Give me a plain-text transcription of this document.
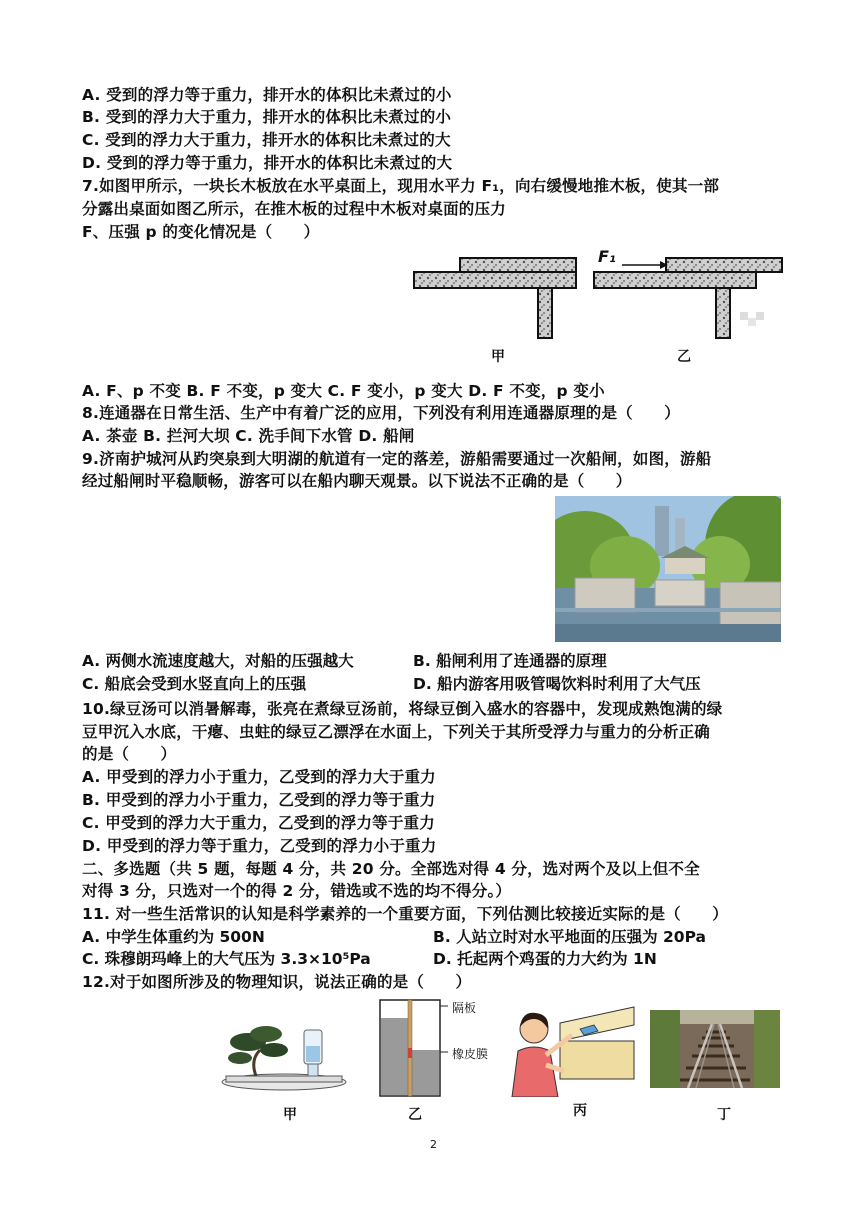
A. 受到的浮力等于重力，排开水的体积比未煮过的小
B. 受到的浮力大于重力，排开水的体积比未煮过的小
C. 受到的浮力大于重力，排开水的体积比未煮过的大
D. 受到的浮力等于重力，排开水的体积比未煮过的大
7.如图甲所示，一块长木板放在水平桌面上，现用水平力 F₁，向右缓慢地推木板，使其一部
分露出桌面如图乙所示，在推木板的过程中木板对桌面的压力
F、压强 p 的变化情况是（　　）
F₁
甲	乙
A. F、p 不变 B. F 不变，p 变大 C. F 变小，p 变大 D. F 不变，p 变小
8.连通器在日常生活、生产中有着广泛的应用，下列没有利用连通器原理的是（　　）
A. 茶壶 B. 拦河大坝 C. 洗手间下水管 D. 船闸
9.济南护城河从趵突泉到大明湖的航道有一定的落差，游船需要通过一次船闸，如图，游船
经过船闸时平稳顺畅，游客可以在船内聊天观景。以下说法不正确的是（　　）
A. 两侧水流速度越大，对船的压强越大	B. 船闸利用了连通器的原理
C. 船底会受到水竖直向上的压强	D. 船内游客用吸管喝饮料时利用了大气压
10.绿豆汤可以消暑解毒，张亮在煮绿豆汤前，将绿豆倒入盛水的容器中，发现成熟饱满的绿
豆甲沉入水底，干瘪、虫蛀的绿豆乙漂浮在水面上，下列关于其所受浮力与重力的分析正确
的是（　　）
A. 甲受到的浮力小于重力，乙受到的浮力大于重力
B. 甲受到的浮力小于重力，乙受到的浮力等于重力
C. 甲受到的浮力大于重力，乙受到的浮力等于重力
D. 甲受到的浮力等于重力，乙受到的浮力小于重力
二、多选题（共 5 题，每题 4 分，共 20 分。全部选对得 4 分，选对两个及以上但不全
对得 3 分，只选对一个的得 2 分，错选或不选的均不得分。）
11. 对一些生活常识的认知是科学素养的一个重要方面，下列估测比较接近实际的是（　　）
A. 中学生体重约为 500N	B. 人站立时对水平地面的压强为 20Pa
C. 珠穆朗玛峰上的大气压为 3.3×10⁵Pa	D. 托起两个鸡蛋的力大约为 1N
12.对于如图所涉及的物理知识，说法正确的是（　　）
隔板
橡皮膜
甲	乙	丙	丁
2
